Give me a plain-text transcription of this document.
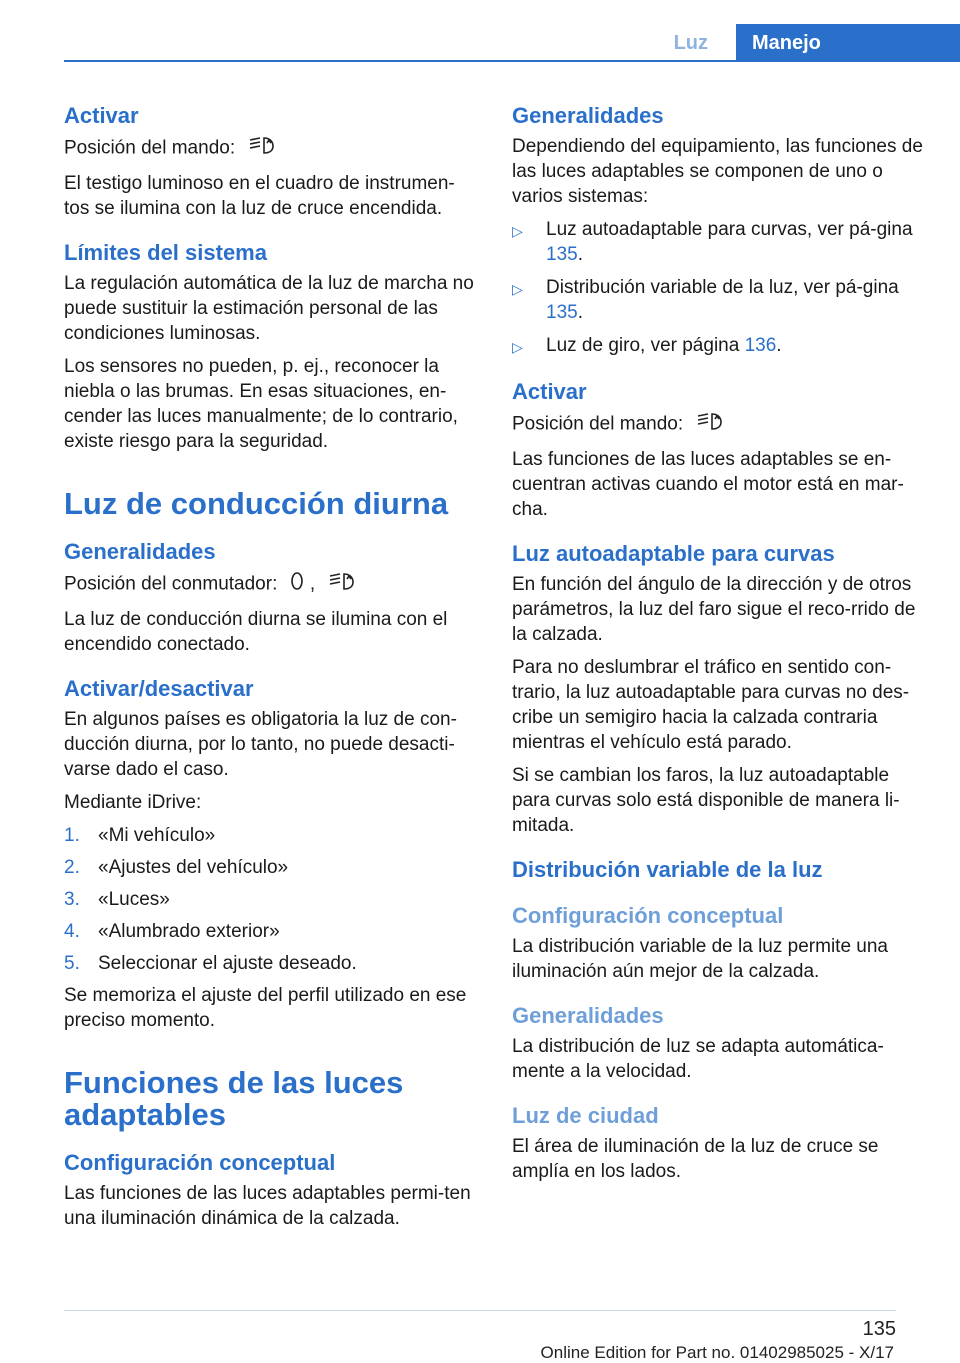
Luz	Manejo
Activar

Posición del mando:

El testigo luminoso en el cuadro de instrumen‐tos se ilumina con la luz de cruce encendida.

Límites del sistema

La regulación automática de la luz de marcha no puede sustituir la estimación personal de las condiciones luminosas.

Los sensores no pueden, p. ej., reconocer la niebla o las brumas. En esas situaciones, en‐cender las luces manualmente; de lo contrario, existe riesgo para la seguridad.

Luz de conducción diurna
Generalidades

Posición del conmutador: ,

La luz de conducción diurna se ilumina con el encendido conectado.

Activar/desactivar

En algunos países es obligatoria la luz de con‐ducción diurna, por lo tanto, no puede desacti‐varse dado el caso.

Mediante iDrive:

1. «Mi vehículo»
2. «Ajustes del vehículo»
3. «Luces»
4. «Alumbrado exterior»
5. Seleccionar el ajuste deseado.

Se memoriza el ajuste del perfil utilizado en ese preciso momento.

Funciones de las luces adaptables
Configuración conceptual

Las funciones de las luces adaptables permi‐ten una iluminación dinámica de la calzada.

Generalidades

Dependiendo del equipamiento, las funciones de las luces adaptables se componen de uno o varios sistemas:

▷	Luz autoadaptable para curvas, ver pá‐gina 135.
▷	Distribución variable de la luz, ver pá‐gina 135.
▷	Luz de giro, ver página 136.
Activar

Posición del mando:

Las funciones de las luces adaptables se en‐cuentran activas cuando el motor está en mar‐cha.

Luz autoadaptable para curvas

En función del ángulo de la dirección y de otros parámetros, la luz del faro sigue el reco‐rrido de la calzada.

Para no deslumbrar el tráfico en sentido con‐trario, la luz autoadaptable para curvas no des‐cribe un semigiro hacia la calzada contraria mientras el vehículo está parado.

Si se cambian los faros, la luz autoadaptable para curvas solo está disponible de manera li‐mitada.

Distribución variable de la luz
Configuración conceptual

La distribución variable de la luz permite una iluminación aún mejor de la calzada.

Generalidades

La distribución de luz se adapta automática‐mente a la velocidad.

Luz de ciudad

El área de iluminación de la luz de cruce se amplía en los lados.

135
Online Edition for Part no. 01402985025 - X/17
